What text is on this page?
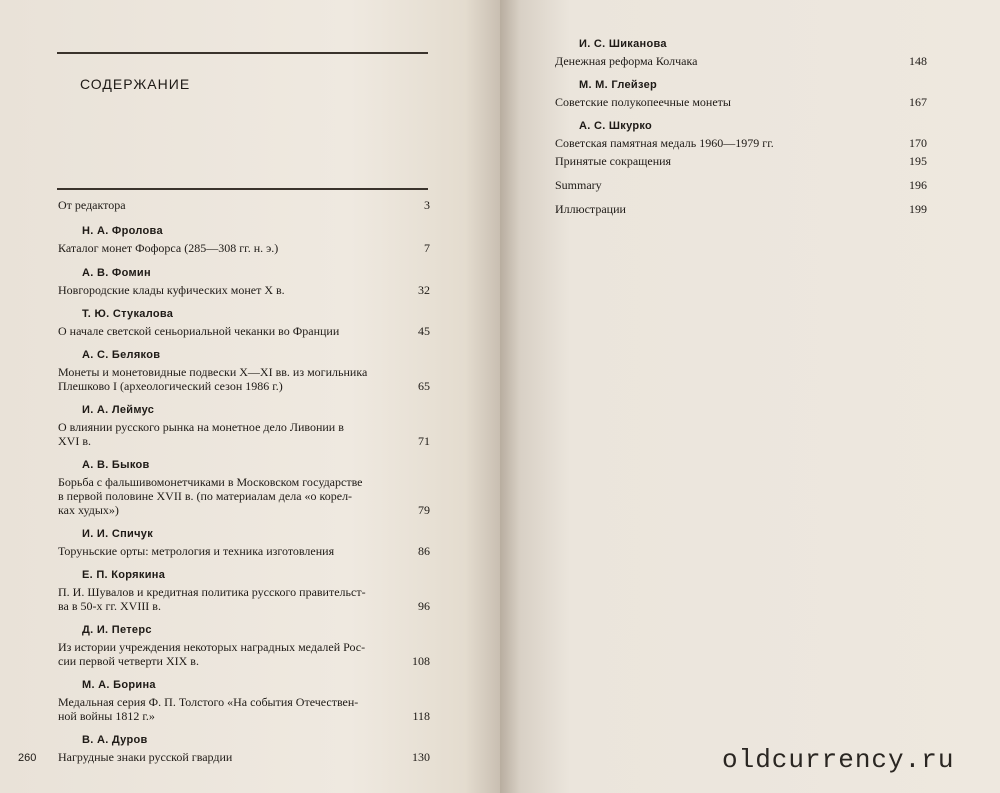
СОДЕРЖАНИЕ
От редактора	3
Н. А. Фролова
Каталог монет Фофорса (285—308 гг. н. э.)	7
А. В. Фомин
Новгородские клады куфических монет X в.	32
Т. Ю. Стукалова
О начале светской сеньориальной чеканки во Франции	45
А. С. Беляков
Монеты и монетовидные подвески X—XI вв. из могильника
Плешково I (археологический сезон 1986 г.)	65
И. А. Леймус
О влиянии русского рынка на монетное дело Ливонии в
XVI в.	71
А. В. Быков
Борьба с фальшивомонетчиками в Московском государстве
в первой половине XVII в. (по материалам дела «о корел-
ках худых»)	79
И. И. Спичук
Торуньские орты: метрология и техника изготовления	86
Е. П. Корякина
П. И. Шувалов и кредитная политика русского правительст-
ва в 50-х гг. XVIII в.	96
Д. И. Петерс
Из истории учреждения некоторых наградных медалей Рос-
сии первой четверти XIX в.	108
М. А. Борина
Медальная серия Ф. П. Толстого «На события Отечествен-
ной войны 1812 г.»	118
В. А. Дуров
Нагрудные знаки русской гвардии	130
260
И. С. Шиканова
Денежная реформа Колчака	148
М. М. Глейзер
Советские полукопеечные монеты	167
А. С. Шкурко
Советская памятная медаль 1960—1979 гг.	170
Принятые сокращения	195
Summary	196
Иллюстрации	199
oldcurrency.ru
